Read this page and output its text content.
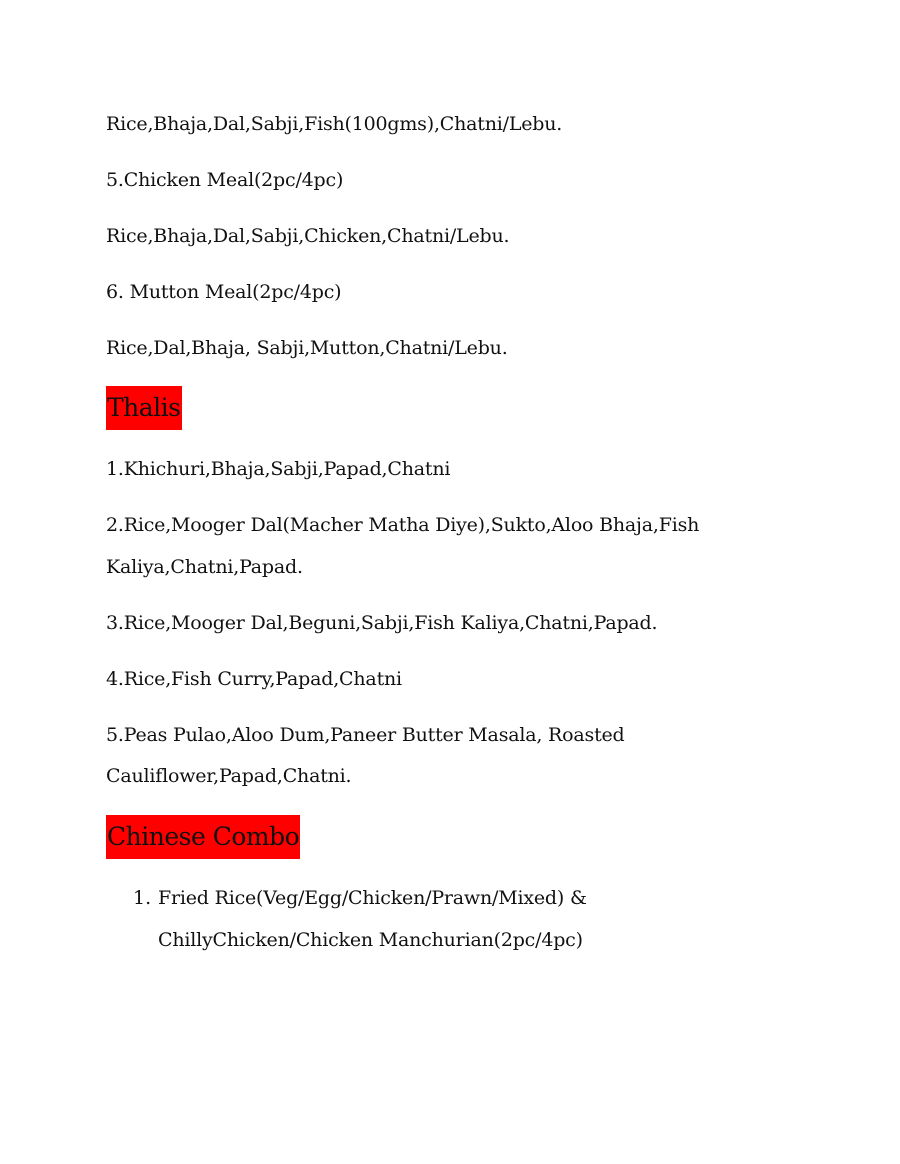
Rice,Bhaja,Dal,Sabji,Fish(100gms),Chatni/Lebu.
5.Chicken Meal(2pc/4pc)
Rice,Bhaja,Dal,Sabji,Chicken,Chatni/Lebu.
6. Mutton Meal(2pc/4pc)
Rice,Dal,Bhaja, Sabji,Mutton,Chatni/Lebu.
Thalis
1.Khichuri,Bhaja,Sabji,Papad,Chatni
2.Rice,Mooger Dal(Macher Matha Diye),Sukto,Aloo Bhaja,Fish
Kaliya,Chatni,Papad.
3.Rice,Mooger Dal,Beguni,Sabji,Fish Kaliya,Chatni,Papad.
4.Rice,Fish Curry,Papad,Chatni
5.Peas Pulao,Aloo Dum,Paneer Butter Masala, Roasted
Cauliflower,Papad,Chatni.
Chinese Combo
1. Fried Rice(Veg/Egg/Chicken/Prawn/Mixed) &
ChillyChicken/Chicken Manchurian(2pc/4pc)
